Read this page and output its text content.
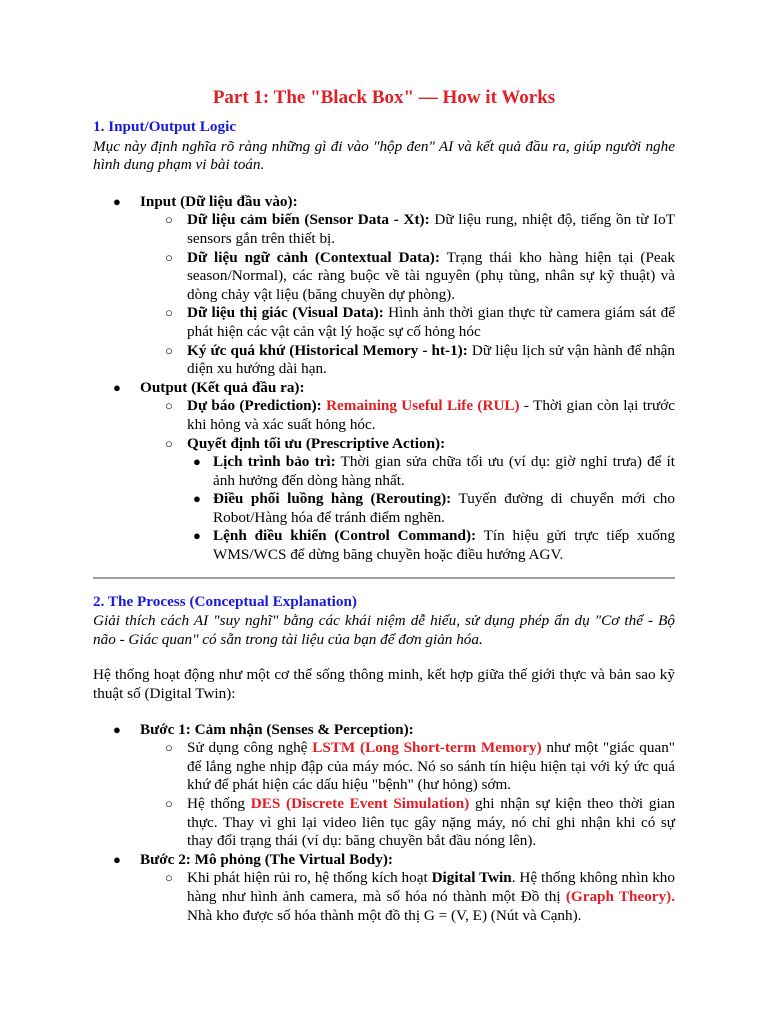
Part 1: The "Black Box" — How it Works
1. Input/Output Logic
Mục này định nghĩa rõ ràng những gì đi vào "hộp đen" AI và kết quả đầu ra, giúp người nghe hình dung phạm vi bài toán.
●	Input (Dữ liệu đầu vào):
○ Dữ liệu cảm biến (Sensor Data - Xt): Dữ liệu rung, nhiệt độ, tiếng ồn từ IoT sensors gắn trên thiết bị.
○ Dữ liệu ngữ cảnh (Contextual Data): Trạng thái kho hàng hiện tại (Peak season/Normal), các ràng buộc về tài nguyên (phụ tùng, nhân sự kỹ thuật) và dòng chảy vật liệu (băng chuyền dự phòng).
○ Dữ liệu thị giác (Visual Data): Hình ảnh thời gian thực từ camera giám sát để phát hiện các vật cản vật lý hoặc sự cố hỏng hóc
○ Ký ức quá khứ (Historical Memory - ht-1): Dữ liệu lịch sử vận hành để nhận diện xu hướng dài hạn.
●	Output (Kết quả đầu ra):
○ Dự báo (Prediction): Remaining Useful Life (RUL) - Thời gian còn lại trước khi hỏng và xác suất hỏng hóc.
○ Quyết định tối ưu (Prescriptive Action):
● Lịch trình bảo trì: Thời gian sửa chữa tối ưu (ví dụ: giờ nghỉ trưa) để ít ảnh hưởng đến dòng hàng nhất.
● Điều phối luồng hàng (Rerouting): Tuyến đường di chuyển mới cho Robot/Hàng hóa để tránh điểm nghẽn.
● Lệnh điều khiển (Control Command): Tín hiệu gửi trực tiếp xuống WMS/WCS để dừng băng chuyền hoặc điều hướng AGV.
2. The Process (Conceptual Explanation)
Giải thích cách AI "suy nghĩ" bằng các khái niệm dễ hiểu, sử dụng phép ẩn dụ "Cơ thể - Bộ não - Giác quan" có sẵn trong tài liệu của bạn để đơn giản hóa.
Hệ thống hoạt động như một cơ thể sống thông minh, kết hợp giữa thế giới thực và bản sao kỹ thuật số (Digital Twin):
●	Bước 1: Cảm nhận (Senses & Perception):
○ Sử dụng công nghệ LSTM (Long Short-term Memory) như một "giác quan" để lắng nghe nhịp đập của máy móc. Nó so sánh tín hiệu hiện tại với ký ức quá khứ để phát hiện các dấu hiệu "bệnh" (hư hỏng) sớm.
○ Hệ thống DES (Discrete Event Simulation) ghi nhận sự kiện theo thời gian thực. Thay vì ghi lại video liên tục gây nặng máy, nó chỉ ghi nhận khi có sự thay đổi trạng thái (ví dụ: băng chuyền bắt đầu nóng lên).
●	Bước 2: Mô phỏng (The Virtual Body):
○ Khi phát hiện rủi ro, hệ thống kích hoạt Digital Twin. Hệ thống không nhìn kho hàng như hình ảnh camera, mà số hóa nó thành một Đồ thị (Graph Theory). Nhà kho được số hóa thành một đồ thị G = (V, E) (Nút và Cạnh).
